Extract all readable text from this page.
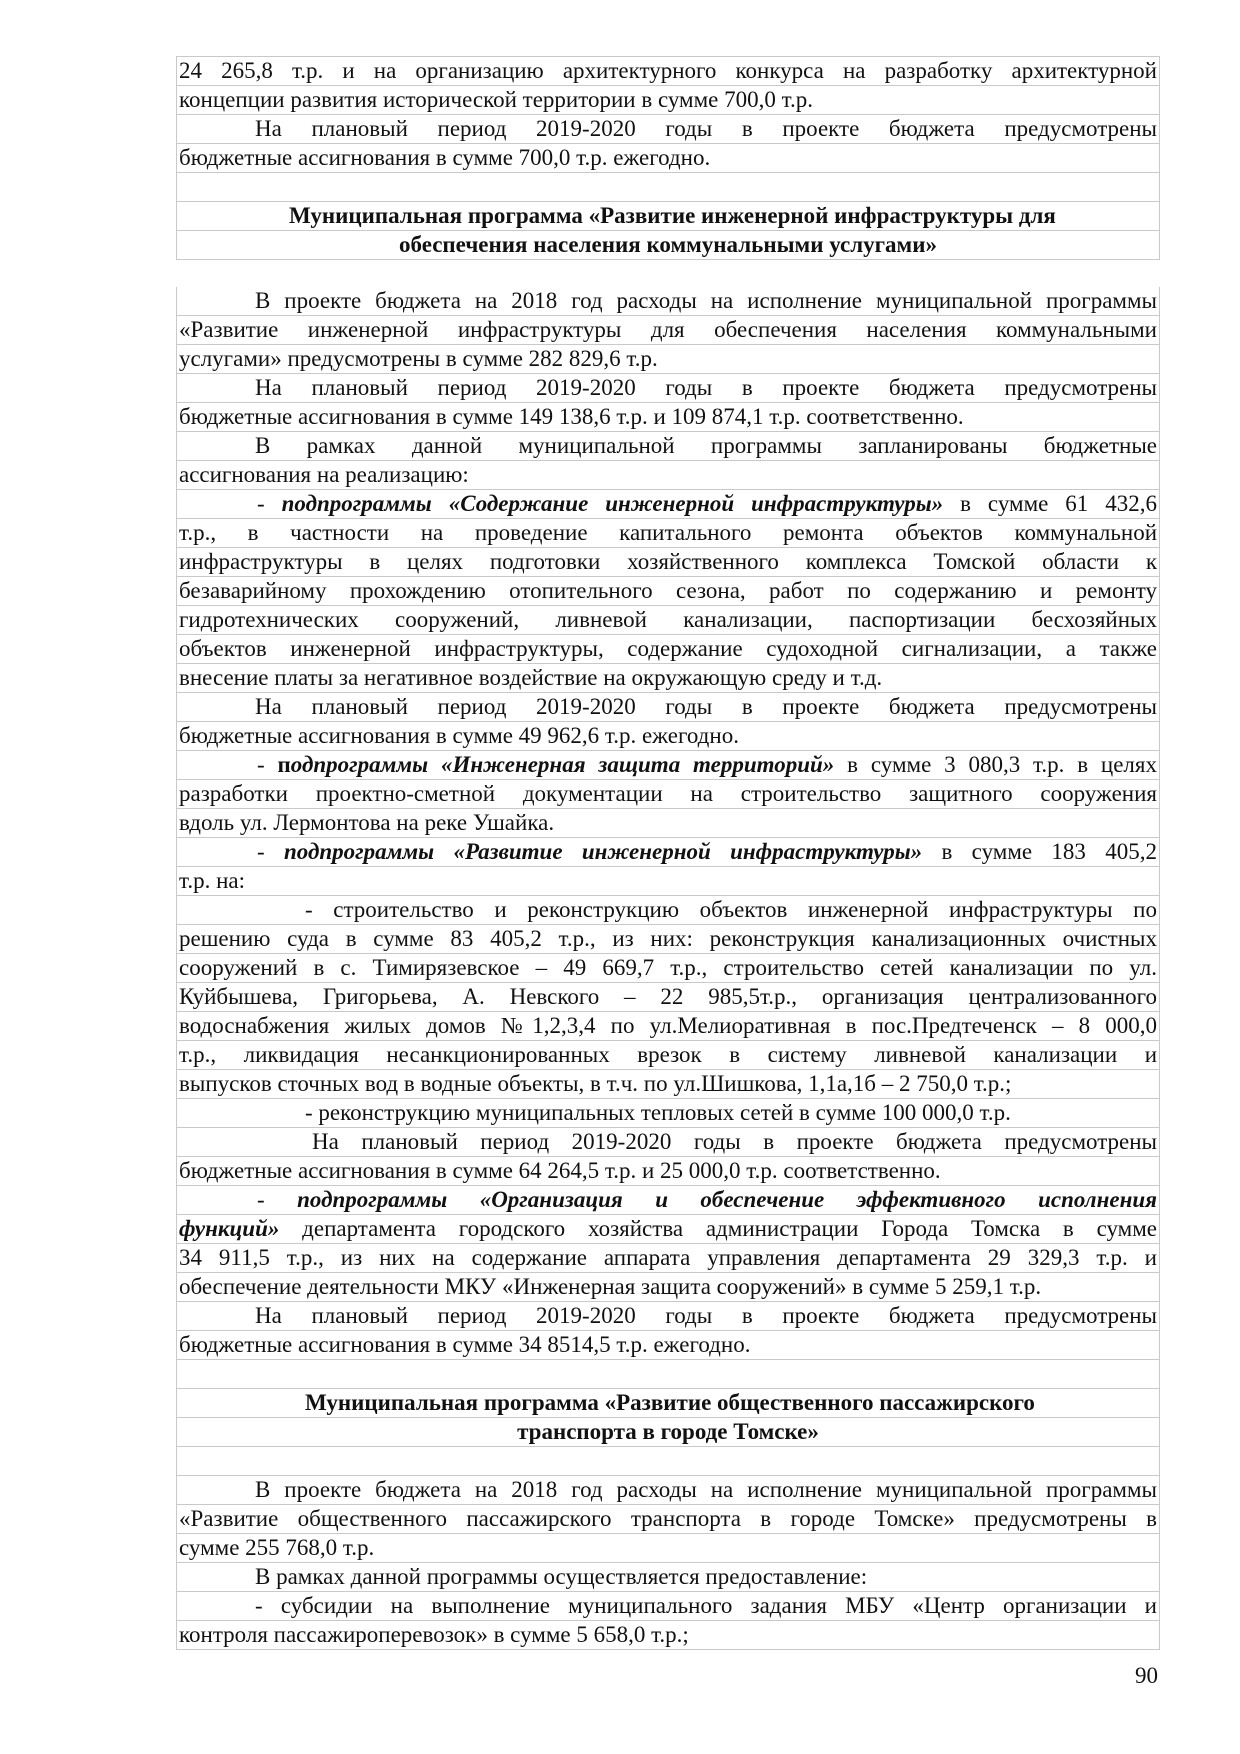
24 265,8 т.р. и на организацию архитектурного конкурса на разработку архитектурной
концепции развития исторической территории в сумме 700,0 т.р.
На плановый период 2019-2020 годы в проекте бюджета предусмотрены
бюджетные ассигнования в сумме 700,0 т.р. ежегодно.
Муниципальная программа «Развитие инженерной инфраструктуры для
обеспечения населения коммунальными услугами»
В проекте бюджета на 2018 год расходы на исполнение муниципальной программы
«Развитие инженерной инфраструктуры для обеспечения населения коммунальными
услугами» предусмотрены в сумме 282 829,6 т.р.
На плановый период 2019-2020 годы в проекте бюджета предусмотрены
бюджетные ассигнования в сумме 149 138,6 т.р. и 109 874,1 т.р. соответственно.
В рамках данной муниципальной программы запланированы бюджетные
ассигнования на реализацию:
- подпрограммы «Содержание инженерной инфраструктуры» в сумме 61 432,6
т.р., в частности на проведение капитального ремонта объектов коммунальной
инфраструктуры в целях подготовки хозяйственного комплекса Томской области к
безаварийному прохождению отопительного сезона, работ по содержанию и ремонту
гидротехнических сооружений, ливневой канализации, паспортизации бесхозяйных
объектов инженерной инфраструктуры, содержание судоходной сигнализации, а также
внесение платы за негативное воздействие на окружающую среду и т.д.
На плановый период 2019-2020 годы в проекте бюджета предусмотрены
бюджетные ассигнования в сумме 49 962,6 т.р. ежегодно.
- подпрограммы «Инженерная защита территорий» в сумме 3 080,3 т.р. в целях
разработки проектно-сметной документации на строительство защитного сооружения
вдоль ул. Лермонтова на реке Ушайка.
- подпрограммы «Развитие инженерной инфраструктуры» в сумме 183 405,2
т.р. на:
- строительство и реконструкцию объектов инженерной инфраструктуры по
решению суда в сумме 83 405,2 т.р., из них: реконструкция канализационных очистных
сооружений в с. Тимирязевское – 49 669,7 т.р., строительство сетей канализации по ул.
Куйбышева, Григорьева, А. Невского – 22 985,5т.р., организация централизованного
водоснабжения жилых домов №1,2,3,4 по ул.Мелиоративная в пос.Предтеченск – 8 000,0
т.р., ликвидация несанкционированных врезок в систему ливневой канализации и
выпусков сточных вод в водные объекты, в т.ч. по ул.Шишкова, 1,1а,1б – 2 750,0 т.р.;
- реконструкцию муниципальных тепловых сетей в сумме 100 000,0 т.р.
На плановый период 2019-2020 годы в проекте бюджета предусмотрены
бюджетные ассигнования в сумме 64 264,5 т.р. и 25 000,0 т.р. соответственно.
- подпрограммы «Организация и обеспечение эффективного исполнения
функций» департамента городского хозяйства администрации Города Томска в сумме
34 911,5 т.р., из них на содержание аппарата управления департамента 29 329,3 т.р. и
обеспечение деятельности МКУ «Инженерная защита сооружений» в сумме 5 259,1 т.р.
На плановый период 2019-2020 годы в проекте бюджета предусмотрены
бюджетные ассигнования в сумме 34 8514,5 т.р. ежегодно.
Муниципальная программа «Развитие общественного пассажирского
транспорта в городе Томске»
В проекте бюджета на 2018 год расходы на исполнение муниципальной программы
«Развитие общественного пассажирского транспорта в городе Томске» предусмотрены в
сумме 255 768,0 т.р.
В рамках данной программы осуществляется предоставление:
- субсидии на выполнение муниципального задания МБУ «Центр организации и
контроля пассажироперевозок» в сумме 5 658,0 т.р.;
90
